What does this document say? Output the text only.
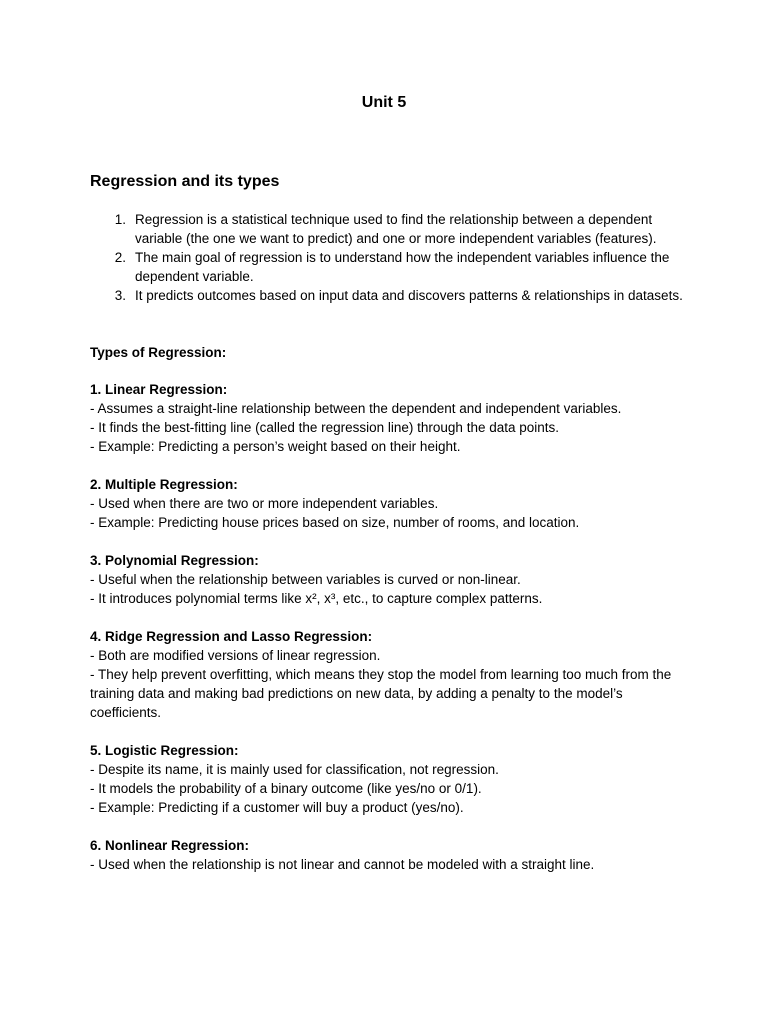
Unit 5
Regression and its types
1. Regression is a statistical technique used to find the relationship between a dependent variable (the one we want to predict) and one or more independent variables (features).
2. The main goal of regression is to understand how the independent variables influence the dependent variable.
3. It predicts outcomes based on input data and discovers patterns & relationships in datasets.
Types of Regression:
1. Linear Regression:
- Assumes a straight-line relationship between the dependent and independent variables.
- It finds the best-fitting line (called the regression line) through the data points.
- Example: Predicting a person’s weight based on their height.
2. Multiple Regression:
- Used when there are two or more independent variables.
- Example: Predicting house prices based on size, number of rooms, and location.
3. Polynomial Regression:
- Useful when the relationship between variables is curved or non-linear.
- It introduces polynomial terms like x², x³, etc., to capture complex patterns.
4. Ridge Regression and Lasso Regression:
- Both are modified versions of linear regression.
- They help prevent overfitting, which means they stop the model from learning too much from the training data and making bad predictions on new data, by adding a penalty to the model’s coefficients.
5. Logistic Regression:
- Despite its name, it is mainly used for classification, not regression.
- It models the probability of a binary outcome (like yes/no or 0/1).
- Example: Predicting if a customer will buy a product (yes/no).
6. Nonlinear Regression:
- Used when the relationship is not linear and cannot be modeled with a straight line.
